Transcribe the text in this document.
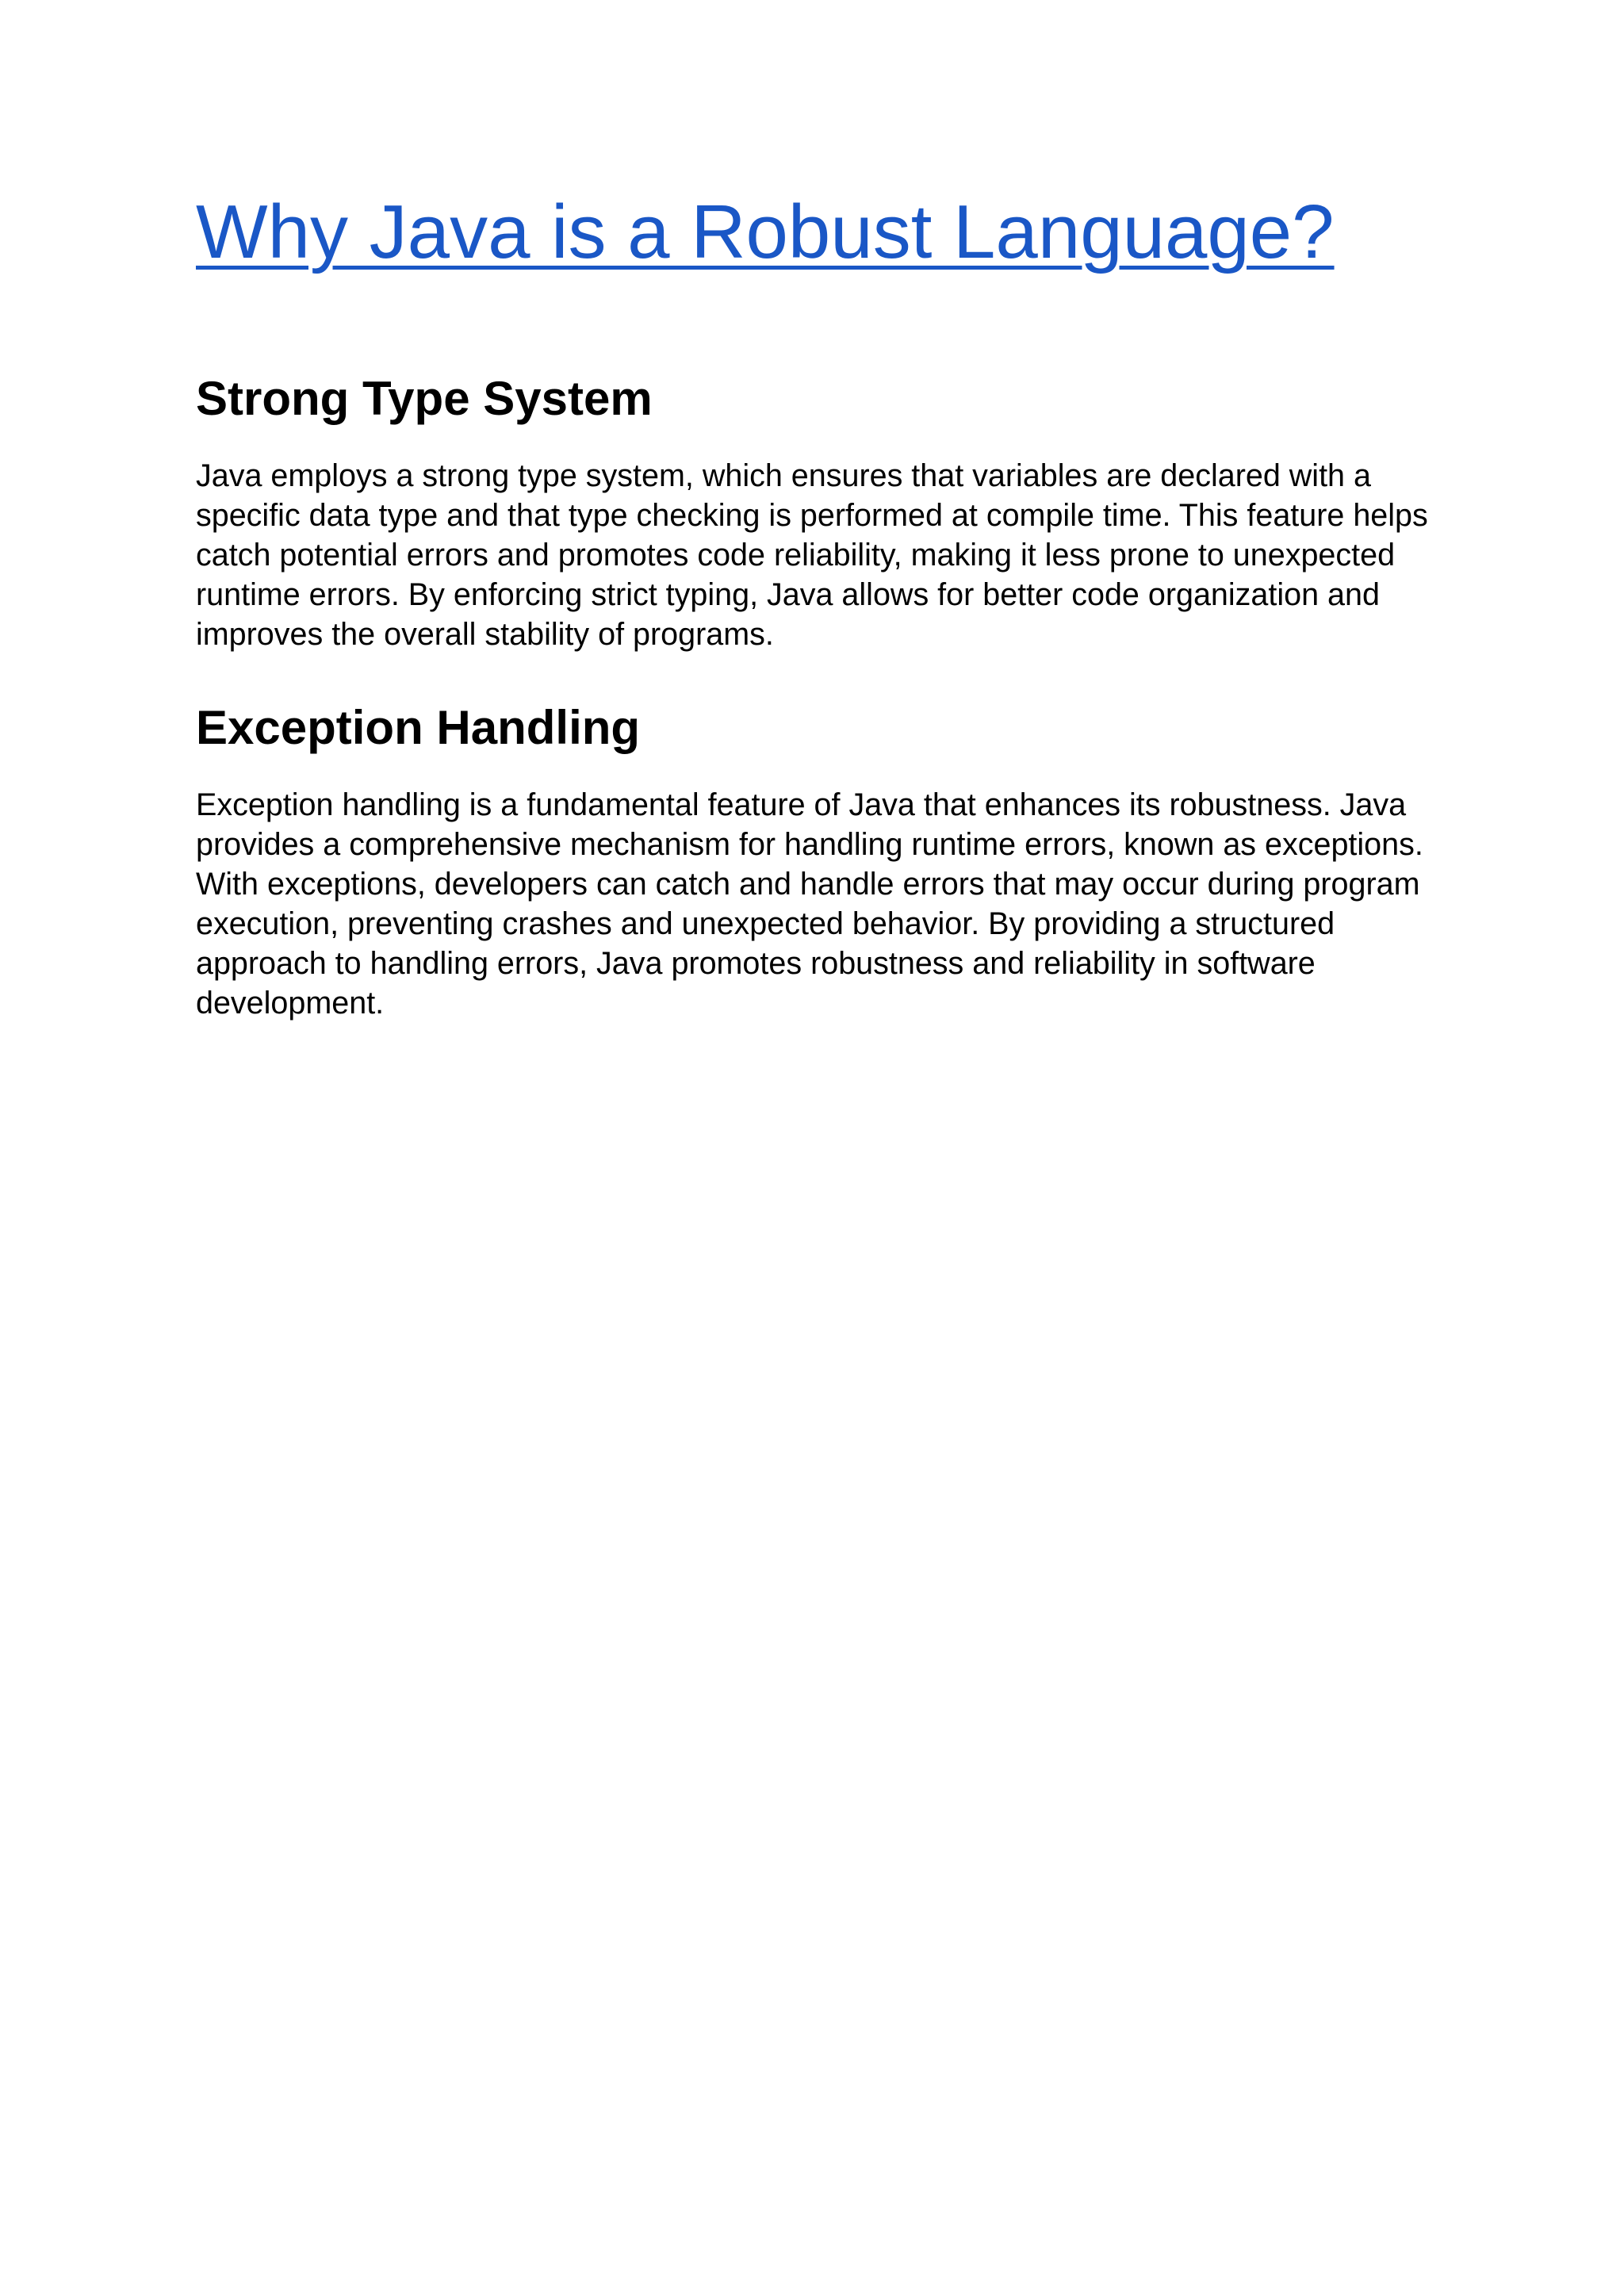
Why Java is a Robust Language?
Strong Type System

Java employs a strong type system, which ensures that variables are declared with a specific data type and that type checking is performed at compile time. This feature helps catch potential errors and promotes code reliability, making it less prone to unexpected runtime errors. By enforcing strict typing, Java allows for better code organization and improves the overall stability of programs.

Exception Handling

Exception handling is a fundamental feature of Java that enhances its robustness. Java provides a comprehensive mechanism for handling runtime errors, known as exceptions. With exceptions, developers can catch and handle errors that may occur during program execution, preventing crashes and unexpected behavior. By providing a structured approach to handling errors, Java promotes robustness and reliability in software development.
